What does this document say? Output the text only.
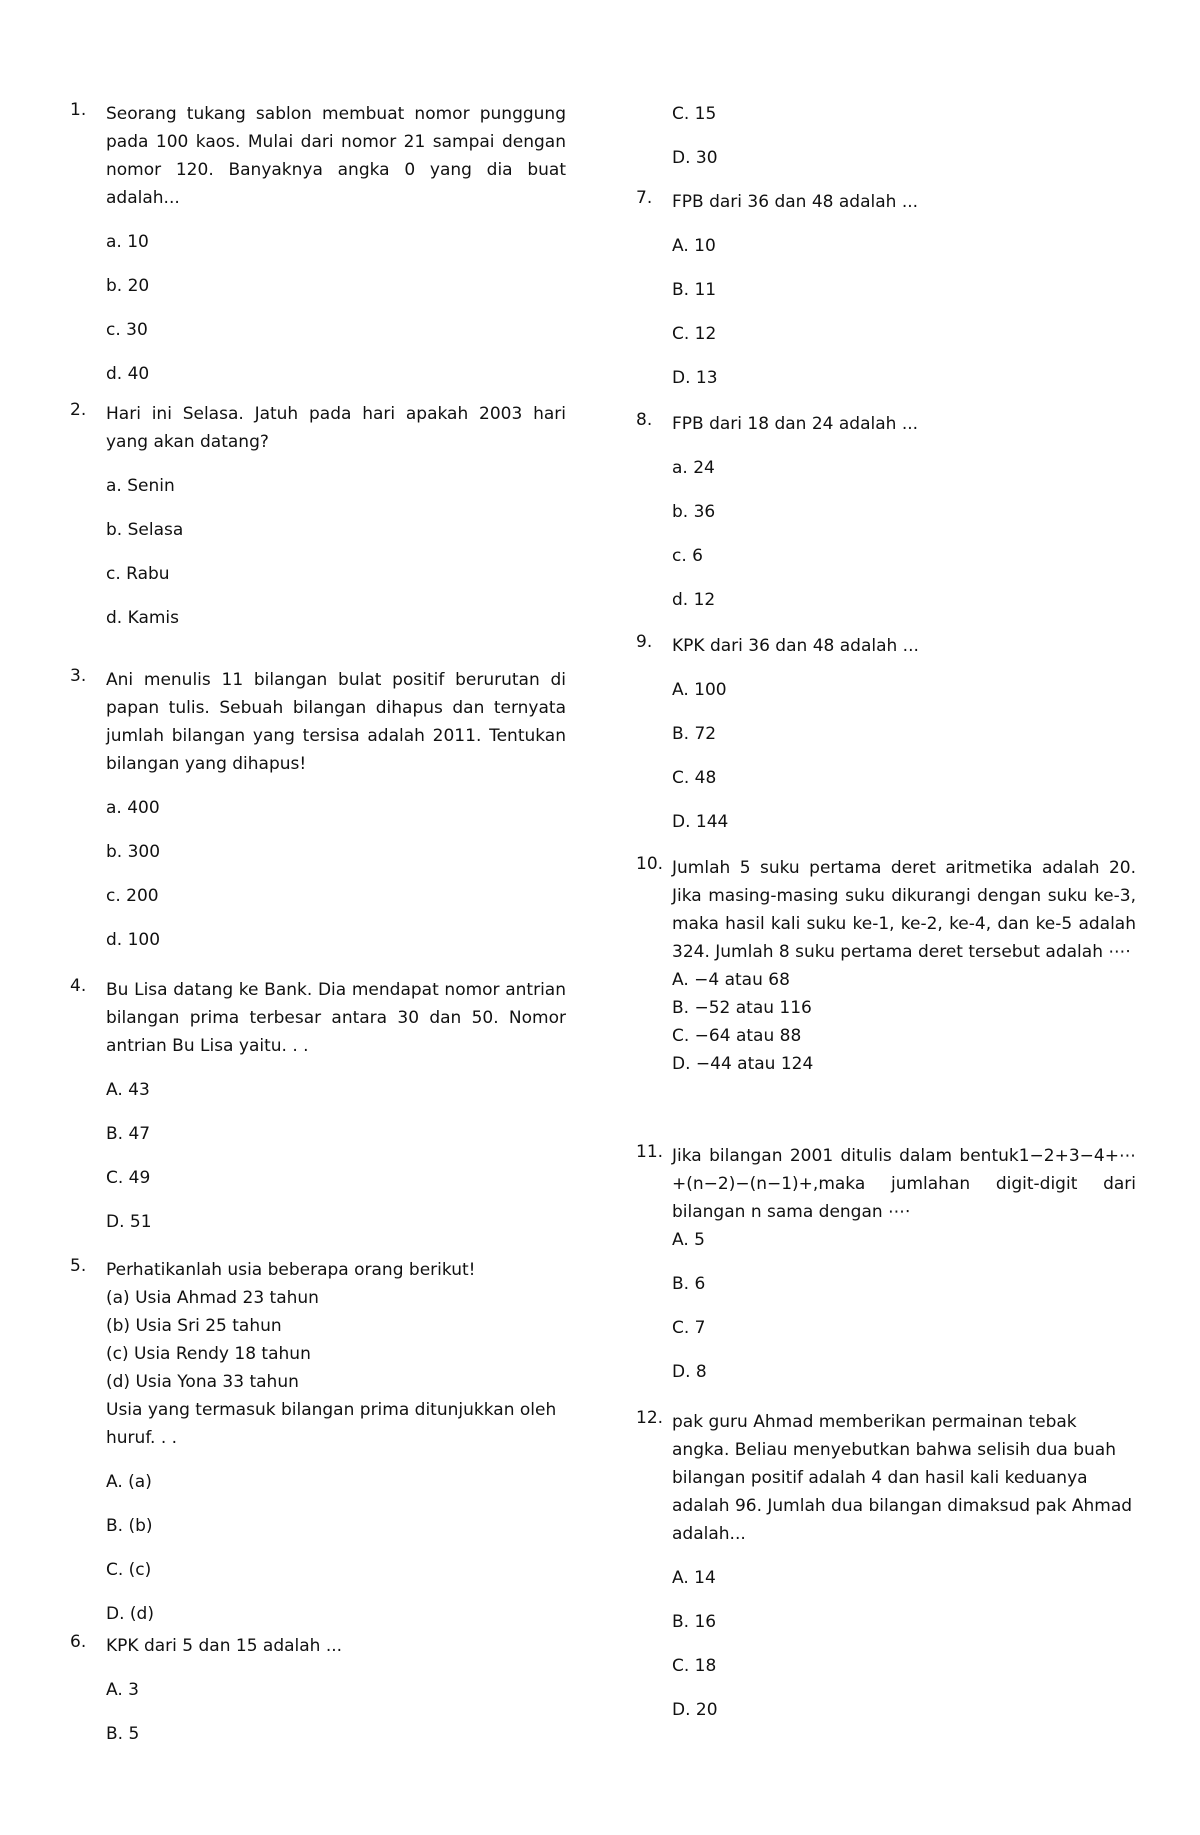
1. Seorang tukang sablon membuat nomor punggung pada 100 kaos. Mulai dari nomor 21 sampai dengan nomor 120. Banyaknya angka 0 yang dia buat adalah...
a. 10
b. 20
c. 30
d. 40
2. Hari ini Selasa. Jatuh pada hari apakah 2003 hari yang akan datang?
a. Senin
b. Selasa
c. Rabu
d. Kamis
3. Ani menulis 11 bilangan bulat positif berurutan di papan tulis. Sebuah bilangan dihapus dan ternyata jumlah bilangan yang tersisa adalah 2011. Tentukan bilangan yang dihapus!
a. 400
b. 300
c. 200
d. 100
4. Bu Lisa datang ke Bank. Dia mendapat nomor antrian bilangan prima terbesar antara 30 dan 50. Nomor antrian Bu Lisa yaitu. . .
A. 43
B. 47
C. 49
D. 51
5. Perhatikanlah usia beberapa orang berikut!
(a) Usia Ahmad 23 tahun
(b) Usia Sri 25 tahun
(c) Usia Rendy 18 tahun
(d) Usia Yona 33 tahun
Usia yang termasuk bilangan prima ditunjukkan oleh huruf. . .
A. (a)
B. (b)
C. (c)
D. (d)
6. KPK dari 5 dan 15 adalah ...
A. 3
B. 5
C. 15
D. 30
7. FPB dari 36 dan 48 adalah ...
A. 10
B. 11
C. 12
D. 13
8. FPB dari 18 dan 24 adalah ...
a. 24
b. 36
c. 6
d. 12
9. KPK dari 36 dan 48 adalah ...
A. 100
B. 72
C. 48
D. 144
10. Jumlah 5 suku pertama deret aritmetika adalah 20. Jika masing-masing suku dikurangi dengan suku ke-3, maka hasil kali suku ke-1, ke-2, ke-4, dan ke-5 adalah 324. Jumlah 8 suku pertama deret tersebut adalah ⋯⋅
A. −4 atau 68
B. −52 atau 116
C. −64 atau 88
D. −44 atau 124
11. Jika bilangan 2001 ditulis dalam bentuk1−2+3−4+⋯+(n−2)−(n−1)+,maka jumlahan digit-digit dari bilangan n sama dengan ⋯⋅
A. 5
B. 6
C. 7
D. 8
12. pak guru Ahmad memberikan permainan tebak angka. Beliau menyebutkan bahwa selisih dua buah bilangan positif adalah 4 dan hasil kali keduanya adalah 96. Jumlah dua bilangan dimaksud pak Ahmad adalah...
A. 14
B. 16
C. 18
D. 20
